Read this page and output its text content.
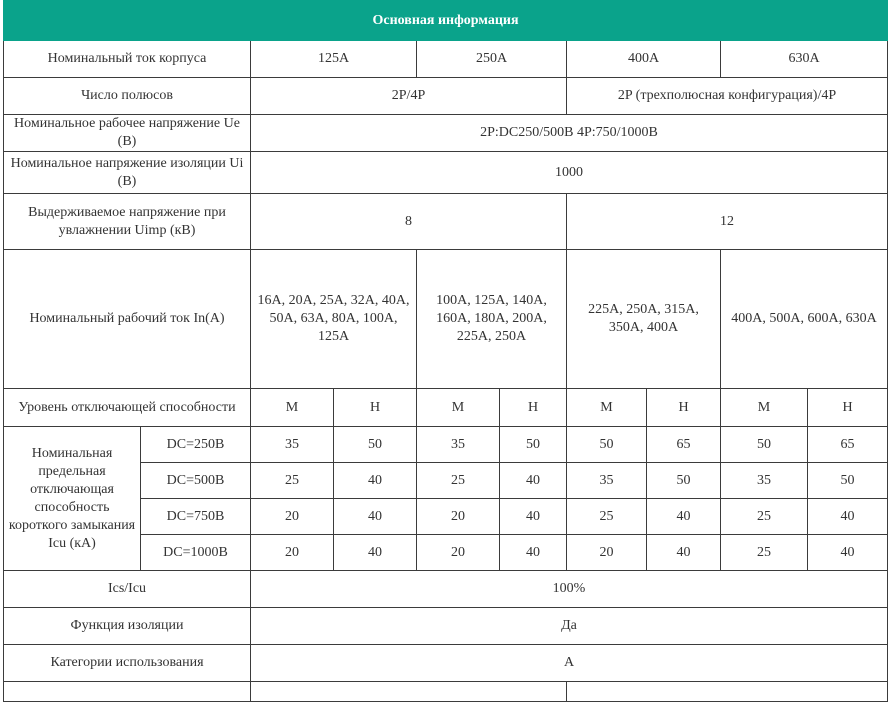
Основная информация									
Номинальный ток корпуса		125A		250A		400A		630A	
Число полюсов		2P/4P				2P (трехполюсная конфигурация)/4P			
Номинальное рабочее напряжение Ue (B)		2P:DC250/500B 4P:750/1000B							
Номинальное напряжение изоляции Ui (B)		1000							
Выдерживаемое напряжение при увлажнении Uimp (кВ)		8				12			
Номинальный рабочий ток In(A)		16A, 20A, 25A, 32A, 40A, 50A, 63A, 80A, 100A, 125A		100A, 125A, 140A, 160A, 180A, 200A, 225A, 250A		225A, 250A, 315A, 350A, 400A		400A, 500A, 600A, 630A	
Уровень отключающей способности		M	H	M	H	M	H	M	H
Номинальная предельная отключающая способность короткого замыкания Icu (кА)	DC=250B	35	50	35	50	50	65	50	65
	DC=500B	25	40	25	40	35	50	35	50
	DC=750B	20	40	20	40	25	40	25	40
	DC=1000B	20	40	20	40	20	40	25	40
Ics/Icu		100%							
Функция изоляции		Да							
Категории использования		A							
